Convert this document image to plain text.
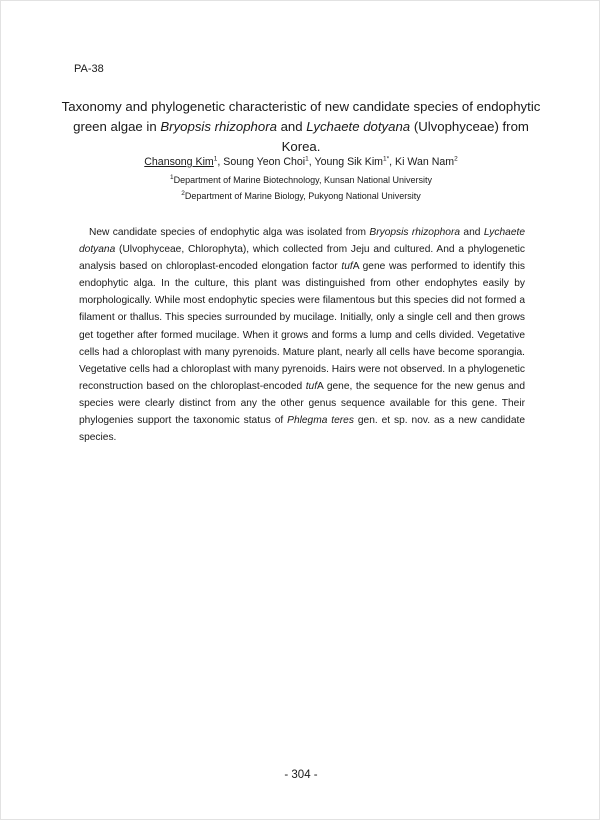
PA-38
Taxonomy and phylogenetic characteristic of new candidate species of endophytic green algae in Bryopsis rhizophora and Lychaete dotyana (Ulvophyceae) from Korea.
Chansong Kim$^1$, Soung Yeon Choi$^1$, Young Sik Kim$^{1*}$, Ki Wan Nam$^2$
$^1$Department of Marine Biotechnology, Kunsan National University
$^2$Department of Marine Biology, Pukyong National University

New candidate species of endophytic alga was isolated from Bryopsis rhizophora and Lychaete dotyana (Ulvophyceae, Chlorophyta), which collected from Jeju and cultured. And a phylogenetic analysis based on chloroplast-encoded elongation factor tufA gene was performed to identify this endophytic alga. In the culture, this plant was distinguished from other endophytes easily by morphologically. While most endophytic species were filamentous but this species did not formed a filament or thallus. This species surrounded by mucilage. Initially, only a single cell and then grows get together after formed mucilage. When it grows and forms a lump and cells divided. Vegetative cells had a chloroplast with many pyrenoids. Mature plant, nearly all cells have become sporangia. Vegetative cells had a chloroplast with many pyrenoids. Hairs were not observed. In a phylogenetic reconstruction based on the chloroplast-encoded tufA gene, the sequence for the new genus and species were clearly distinct from any the other genus sequence available for this gene. Their phylogenies support the taxonomic status of Phlegma teres gen. et sp. nov. as a new candidate species.

- 304 -
